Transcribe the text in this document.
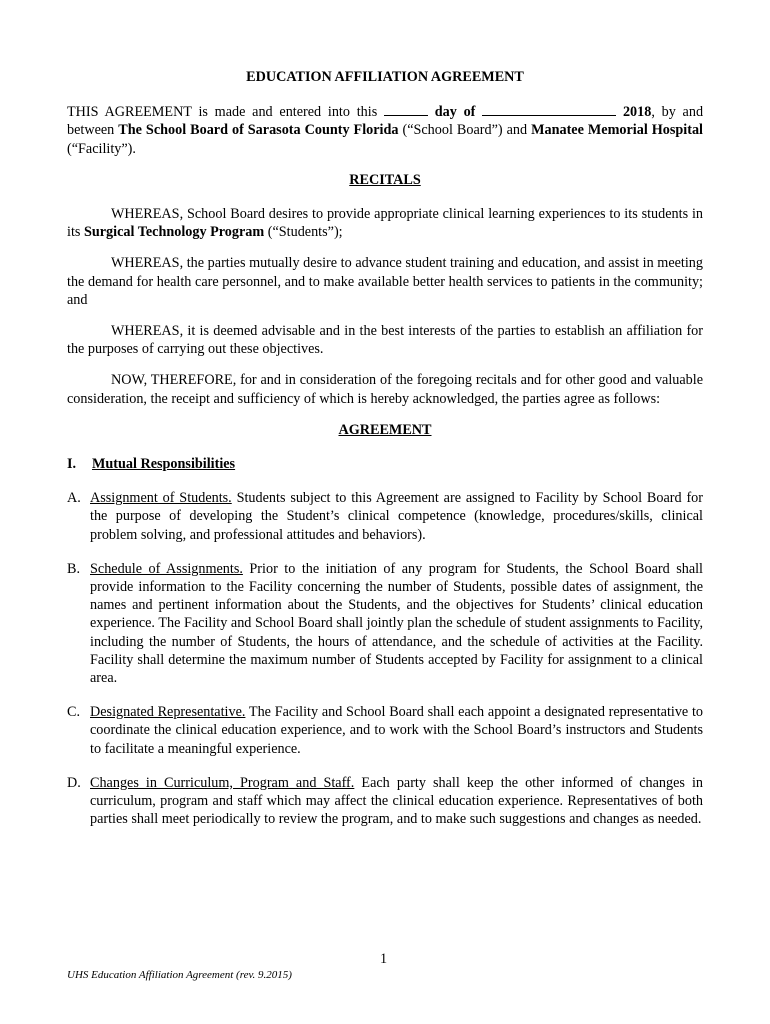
EDUCATION AFFILIATION AGREEMENT

THIS AGREEMENT is made and entered into this	day of	2018, by and between The School Board of Sarasota County Florida (“School Board”) and Manatee Memorial Hospital (“Facility”).

RECITALS

WHEREAS, School Board desires to provide appropriate clinical learning experiences to its students in its Surgical Technology Program (“Students”);

WHEREAS, the parties mutually desire to advance student training and education, and assist in meeting the demand for health care personnel, and to make available better health services to patients in the community; and

WHEREAS, it is deemed advisable and in the best interests of the parties to establish an affiliation for the purposes of carrying out these objectives.

NOW, THEREFORE, for and in consideration of the foregoing recitals and for other good and valuable consideration, the receipt and sufficiency of which is hereby acknowledged, the parties agree as follows:

AGREEMENT
I. Mutual Responsibilities
A. Assignment of Students. Students subject to this Agreement are assigned to Facility by School Board for the purpose of developing the Student’s clinical competence (knowledge, procedures/skills, clinical problem solving, and professional attitudes and behaviors).
B. Schedule of Assignments. Prior to the initiation of any program for Students, the School Board shall provide information to the Facility concerning the number of Students, possible dates of assignment, the names and pertinent information about the Students, and the objectives for Students’ clinical education experience. The Facility and School Board shall jointly plan the schedule of student assignments to Facility, including the number of Students, the hours of attendance, and the schedule of activities at the Facility. Facility shall determine the maximum number of Students accepted by Facility for assignment to a clinical area.
C. Designated Representative. The Facility and School Board shall each appoint a designated representative to coordinate the clinical education experience, and to work with the School Board’s instructors and Students to facilitate a meaningful experience.
D. Changes in Curriculum, Program and Staff. Each party shall keep the other informed of changes in curriculum, program and staff which may affect the clinical education experience. Representatives of both parties shall meet periodically to review the program, and to make such suggestions and changes as needed.
1
UHS Education Affiliation Agreement (rev. 9.2015)
